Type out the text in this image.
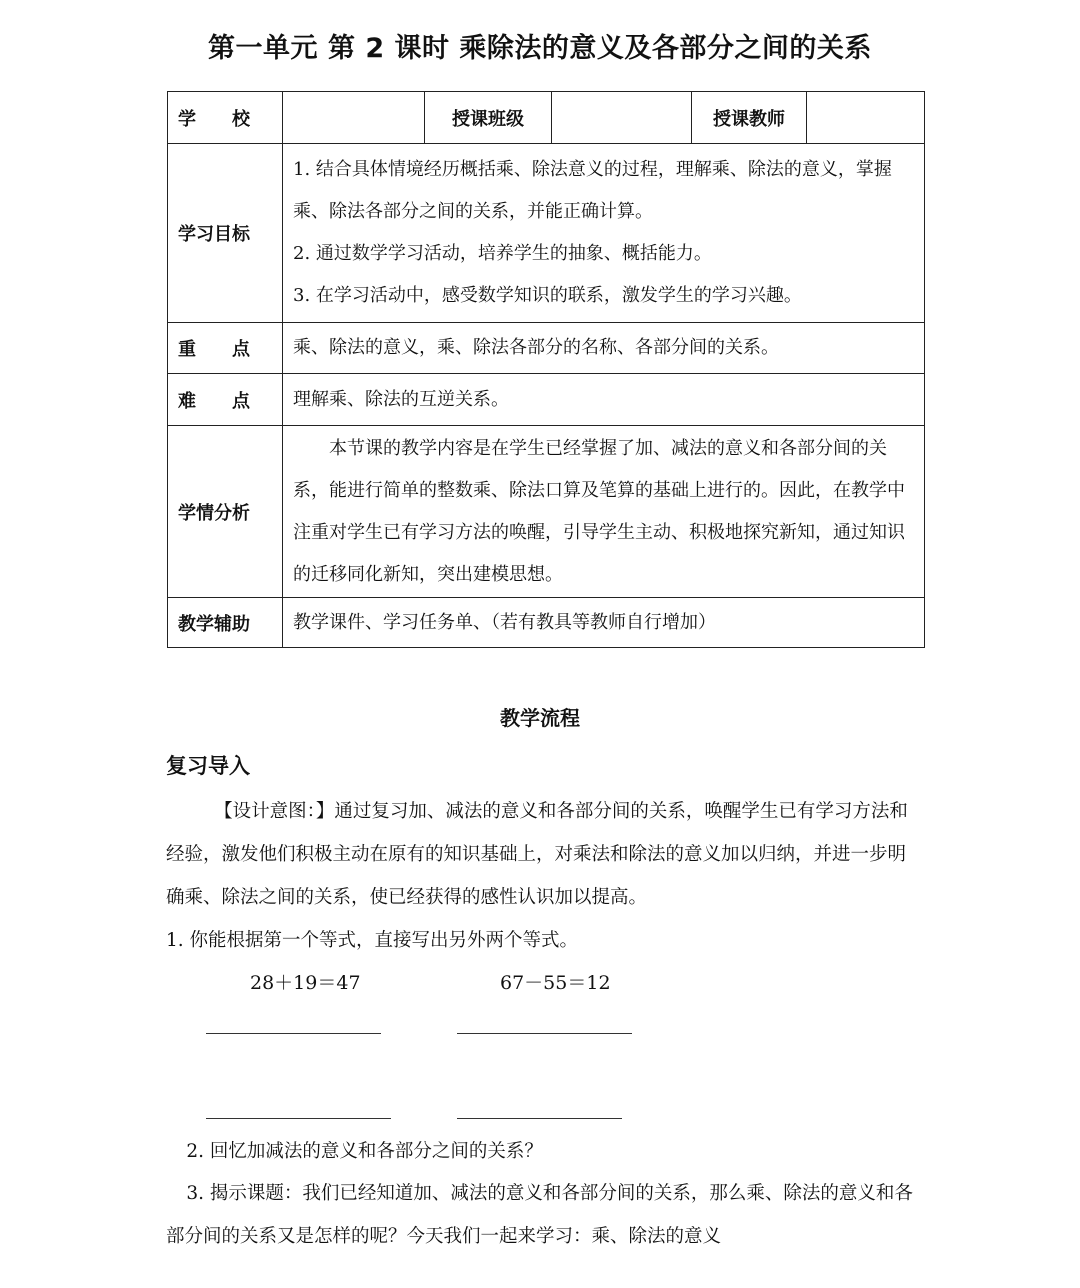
第一单元 第 2 课时 乘除法的意义及各部分之间的关系
学　　校		授课班级		授课教师	
学习目标	1. 结合具体情境经历概括乘、除法意义的过程，理解乘、除法的意义，掌握乘、除法各部分之间的关系，并能正确计算。

2. 通过数学学习活动，培养学生的抽象、概括能力。

3. 在学习活动中，感受数学知识的联系，激发学生的学习兴趣。				

重　　点	乘、除法的意义，乘、除法各部分的名称、各部分间的关系。				

难　　点	理解乘、除法的互逆关系。				

学情分析	本节课的教学内容是在学生已经掌握了加、减法的意义和各部分间的关系，能进行简单的整数乘、除法口算及笔算的基础上进行的。因此，在教学中注重对学生已有学习方法的唤醒，引导学生主动、积极地探究新知，通过知识的迁移同化新知，突出建模思想。				

教学辅助	教学课件、学习任务单、（若有教具等教师自行增加）				

教学流程
复习导入

【设计意图：】通过复习加、减法的意义和各部分间的关系，唤醒学生已有学习方法和经验，激发他们积极主动在原有的知识基础上，对乘法和除法的意义加以归纳，并进一步明确乘、除法之间的关系，使已经获得的感性认识加以提高。

1. 你能根据第一个等式，直接写出另外两个等式。

28＋19＝47	67－55＝12

2. 回忆加减法的意义和各部分之间的关系？

3. 揭示课题：我们已经知道加、减法的意义和各部分间的关系，那么乘、除法的意义和各部分间的关系又是怎样的呢？今天我们一起来学习：乘、除法的意义
